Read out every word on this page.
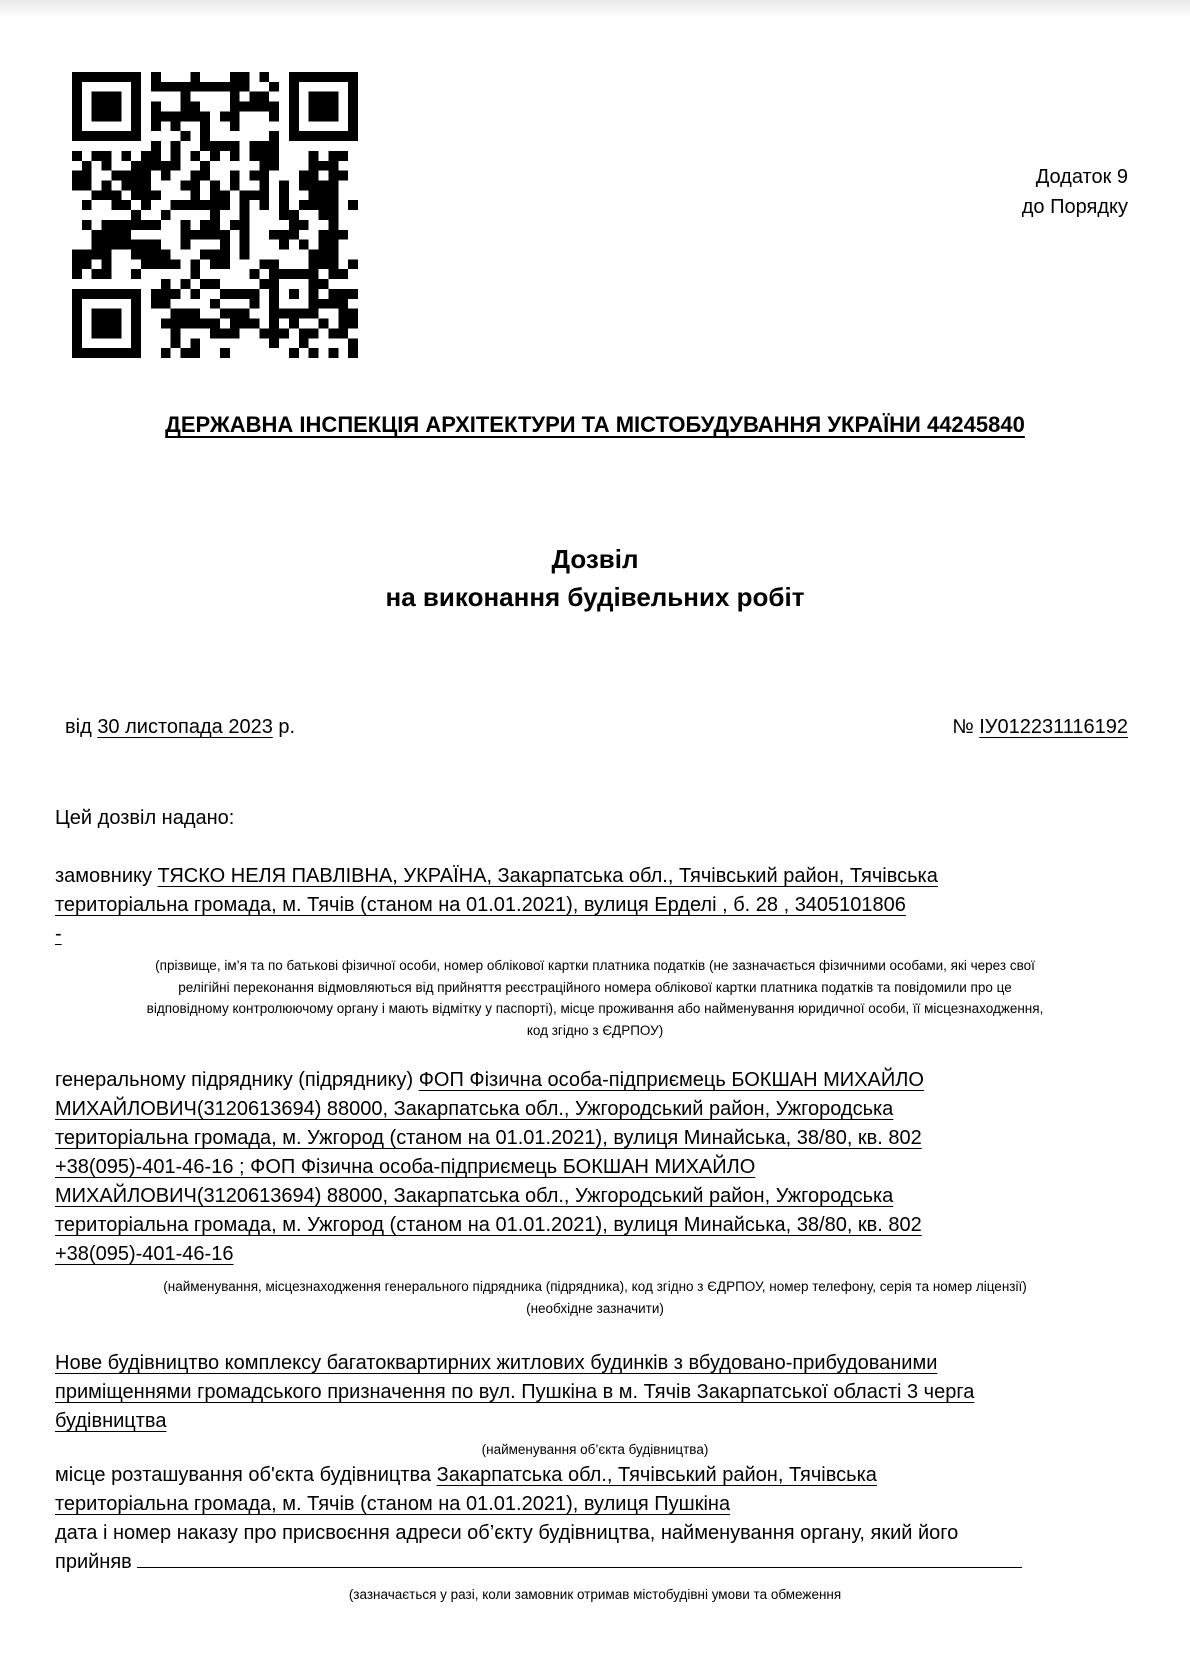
Додаток 9
до Порядку
ДЕРЖАВНА ІНСПЕКЦІЯ АРХІТЕКТУРИ ТА МІСТОБУДУВАННЯ УКРАЇНИ 44245840
Дозвіл
на виконання будівельних робіт
від 30 листопада 2023 р.	№ ІУ012231116192
Цей дозвіл надано:
замовнику ТЯСКО НЕЛЯ ПАВЛІВНА, УКРАЇНА, Закарпатська обл., Тячівський район, Тячівська
територіальна громада, м. Тячів (станом на 01.01.2021), вулиця Ерделі , б. 28 , 3405101806
-
(прізвище, ім’я та по батькові фізичної особи, номер облікової картки платника податків (не зазначається фізичними особами, які через свої
релігійні переконання відмовляються від прийняття реєстраційного номера облікової картки платника податків та повідомили про це
відповідному контролюючому органу і мають відмітку у паспорті), місце проживання або найменування юридичної особи, її місцезнаходження,
код згідно з ЄДРПОУ)
генеральному підряднику (підряднику) ФОП Фізична особа-підприємець БОКШАН МИХАЙЛО
МИХАЙЛОВИЧ(3120613694) 88000, Закарпатська обл., Ужгородський район, Ужгородська
територіальна громада, м. Ужгород (станом на 01.01.2021), вулиця Минайська, 38/80, кв. 802
+38(095)-401-46-16 ; ФОП Фізична особа-підприємець БОКШАН МИХАЙЛО
МИХАЙЛОВИЧ(3120613694) 88000, Закарпатська обл., Ужгородський район, Ужгородська
територіальна громада, м. Ужгород (станом на 01.01.2021), вулиця Минайська, 38/80, кв. 802
+38(095)-401-46-16
(найменування, місцезнаходження генерального підрядника (підрядника), код згідно з ЄДРПОУ, номер телефону, серія та номер ліцензії)
(необхідне зазначити)
Нове будівництво комплексу багатоквартирних житлових будинків з вбудовано-прибудованими
приміщеннями громадського призначення по вул. Пушкіна в м. Тячів Закарпатської області 3 черга
будівництва
(найменування об’єкта будівництва)
місце розташування об'єкта будівництва Закарпатська обл., Тячівський район, Тячівська
територіальна громада, м. Тячів (станом на 01.01.2021), вулиця Пушкіна
дата і номер наказу про присвоєння адреси об’єкту будівництва, найменування органу, який його
прийняв
(зазначається у разі, коли замовник отримав містобудівні умови та обмеження
